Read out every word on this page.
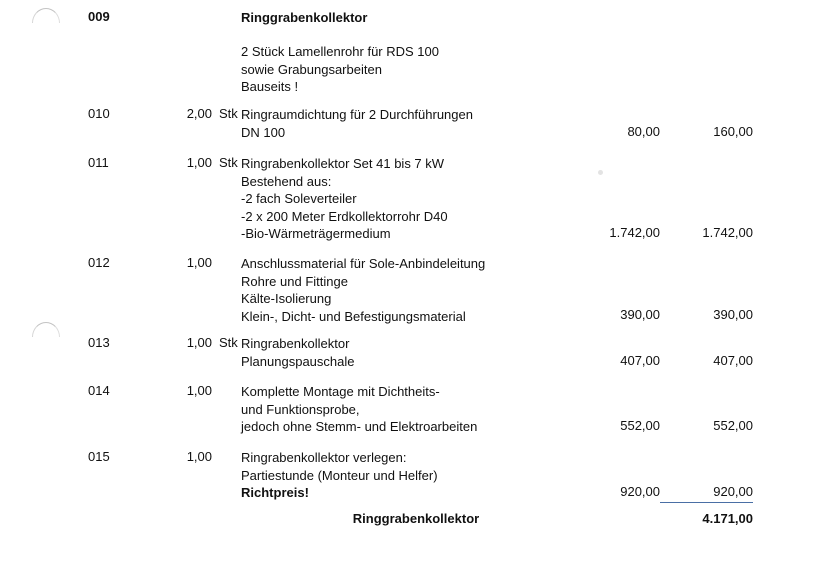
009	Ringgrabenkollektor
2 Stück Lamellenrohr für RDS 100
sowie Grabungsarbeiten
Bauseits !
010	2,00 Stk Ringraumdichtung für 2 Durchführungen
DN 100	80,00	160,00
011	1,00 Stk Ringrabenkollektor Set 41 bis 7 kW
Bestehend aus:
-2 fach Soleverteiler
-2 x 200 Meter Erdkollektorrohr D40
-Bio-Wärmeträgermedium	1.742,00	1.742,00
012	1,00 Anschlussmaterial für Sole-Anbindeleitung
Rohre und Fittinge
Kälte-Isolierung
Klein-, Dicht- und Befestigungsmaterial	390,00	390,00
013	1,00 Stk Ringrabenkollektor
Planungspauschale	407,00	407,00
014	1,00 Komplette Montage mit Dichtheits-
und Funktionsprobe,
jedoch ohne Stemm- und Elektroarbeiten	552,00	552,00
015	1,00 Ringrabenkollektor verlegen:
Partiestunde (Monteur und Helfer)
Richtpreis!	920,00	920,00
Ringgrabenkollektor	4.171,00
